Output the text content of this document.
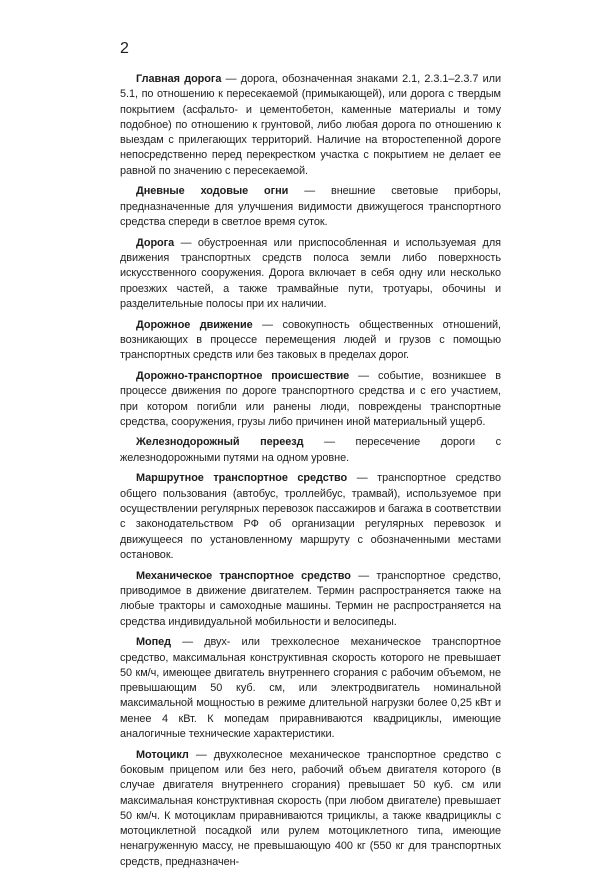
2

Главная дорога — дорога, обозначенная знаками 2.1, 2.3.1–2.3.7 или 5.1, по отношению к пересекаемой (примыкающей), или дорога с твердым покрытием (асфальто- и цементобетон, каменные материалы и тому подобное) по отношению к грунтовой, либо любая дорога по отношению к выездам с прилегающих территорий. Наличие на второстепенной дороге непосредственно перед перекрестком участка с покрытием не делает ее равной по значению с пересекаемой.

Дневные ходовые огни — внешние световые приборы, предназначенные для улучшения видимости движущегося транспортного средства спереди в светлое время суток.

Дорога — обустроенная или приспособленная и используемая для движения транспортных средств полоса земли либо поверхность искусственного сооружения. Дорога включает в себя одну или несколько проезжих частей, а также трамвайные пути, тротуары, обочины и разделительные полосы при их наличии.

Дорожное движение — совокупность общественных отношений, возникающих в процессе перемещения людей и грузов с помощью транспортных средств или без таковых в пределах дорог.

Дорожно-транспортное происшествие — событие, возникшее в процессе движения по дороге транспортного средства и с его участием, при котором погибли или ранены люди, повреждены транспортные средства, сооружения, грузы либо причинен иной материальный ущерб.

Железнодорожный переезд — пересечение дороги с железнодорожными путями на одном уровне.

Маршрутное транспортное средство — транспортное средство общего пользования (автобус, троллейбус, трамвай), используемое при осуществлении регулярных перевозок пассажиров и багажа в соответствии с законодательством РФ об организации регулярных перевозок и движущееся по установленному маршруту с обозначенными местами остановок.

Механическое транспортное средство — транспортное средство, приводимое в движение двигателем. Термин распространяется также на любые тракторы и самоходные машины. Термин не распространяется на средства индивидуальной мобильности и велосипеды.

Мопед — двух- или трехколесное механическое транспортное средство, максимальная конструктивная скорость которого не превышает 50 км/ч, имеющее двигатель внутреннего сгорания с рабочим объемом, не превышающим 50 куб. см, или электродвигатель номинальной максимальной мощностью в режиме длительной нагрузки более 0,25 кВт и менее 4 кВт. К мопедам приравниваются квадрициклы, имеющие аналогичные технические характеристики.

Мотоцикл — двухколесное механическое транспортное средство с боковым прицепом или без него, рабочий объем двигателя которого (в случае двигателя внутреннего сгорания) превышает 50 куб. см или максимальная конструктивная скорость (при любом двигателе) превышает 50 км/ч. К мотоциклам приравниваются трициклы, а также квадрициклы с мотоциклетной посадкой или рулем мотоциклетного типа, имеющие ненагруженную массу, не превышающую 400 кг (550 кг для транспортных средств, предназначен-
